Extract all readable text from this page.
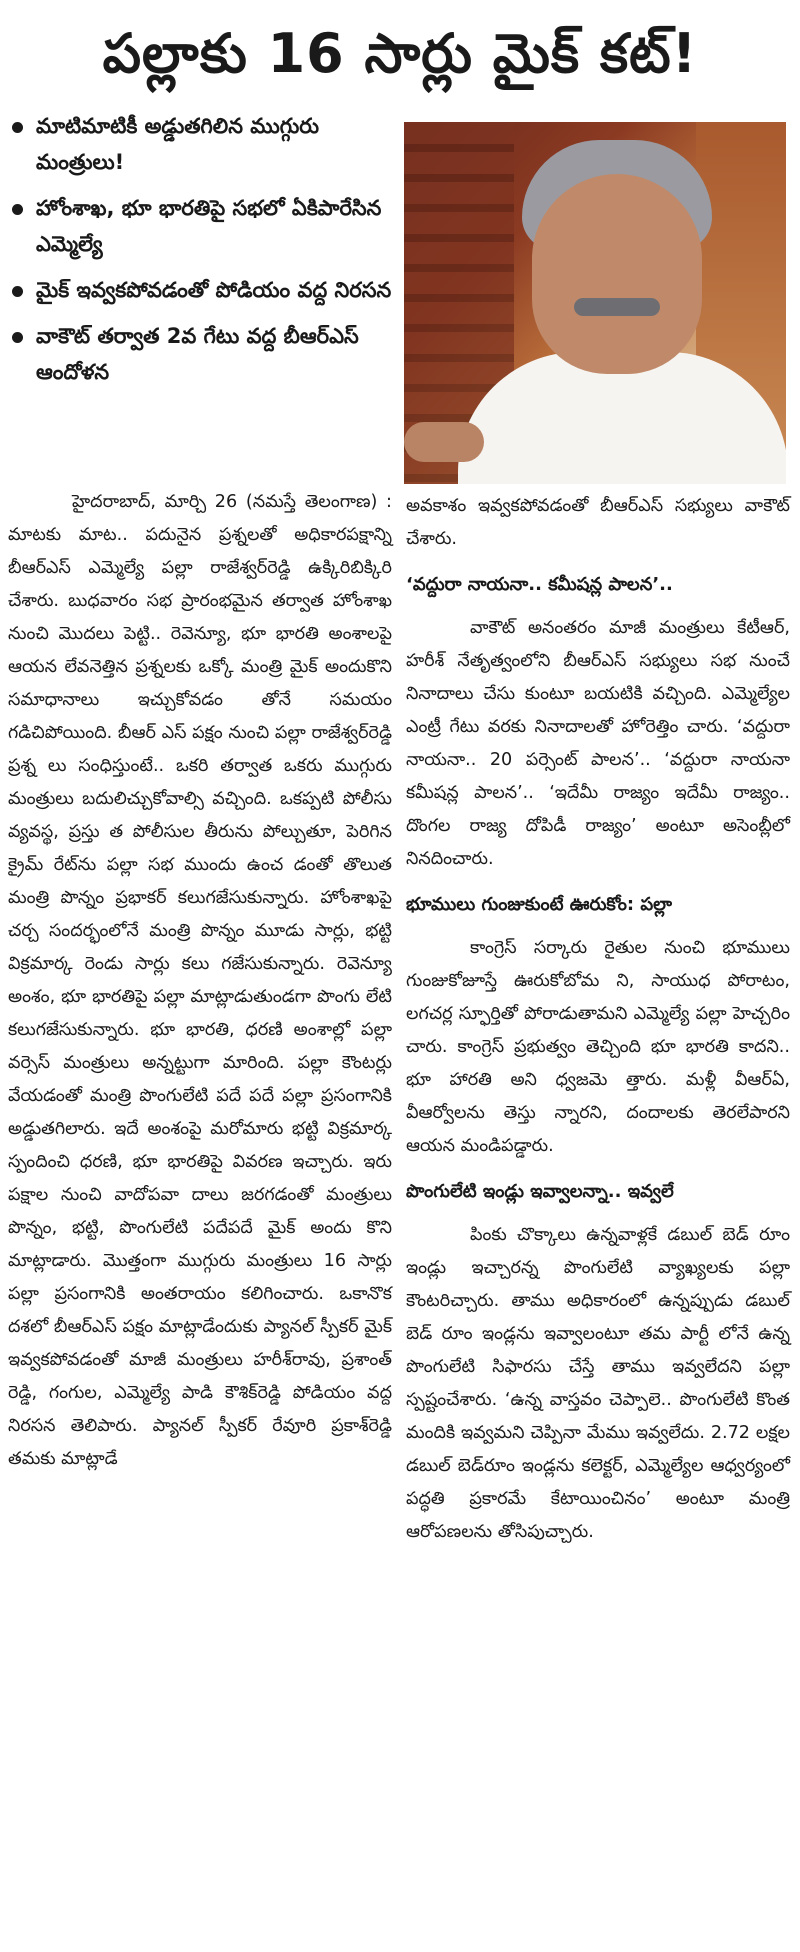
పల్లాకు 16 సార్లు మైక్ కట్!
మాటిమాటికీ అడ్డుతగిలిన ముగ్గురు మంత్రులు!
హోంశాఖ, భూ భారతిపై సభలో ఏకిపారేసిన ఎమ్మెల్యే
మైక్ ఇవ్వకపోవడంతో పోడియం వద్ద నిరసన
వాకౌట్ తర్వాత 2వ గేటు వద్ద బీఆర్ఎస్ ఆందోళన

హైదరాబాద్, మార్చి 26 (నమస్తే తెలంగాణ) : మాటకు మాట.. పదునైన ప్రశ్నలతో అధికారపక్షాన్ని బీఆర్ఎస్ ఎమ్మెల్యే పల్లా రాజేశ్వర్‌రెడ్డి ఉక్కిరిబిక్కిరి చేశారు. బుధవారం సభ ప్రారంభమైన తర్వాత హోంశాఖ నుంచి మొదలు పెట్టి.. రెవెన్యూ, భూ భారతి అంశాలపై ఆయన లేవనెత్తిన ప్రశ్నలకు ఒక్కో మంత్రి మైక్ అందుకొని సమాధానాలు ఇచ్చుకోవడం తోనే సమయం గడిచిపోయింది. బీఆర్ ఎస్ పక్షం నుంచి పల్లా రాజేశ్వర్‌రెడ్డి ప్రశ్న లు సంధిస్తుంటే.. ఒకరి తర్వాత ఒకరు ముగ్గురు మంత్రులు బదులిచ్చుకోవాల్సి వచ్చింది. ఒకప్పటి పోలీసు వ్యవస్థ, ప్రస్తు త పోలీసుల తీరును పోల్చుతూ, పెరిగిన క్రైమ్ రేట్‌ను పల్లా సభ ముందు ఉంచ డంతో తొలుత మంత్రి పొన్నం ప్రభాకర్ కలుగజేసుకున్నారు. హోంశాఖపై చర్చ సందర్భంలోనే మంత్రి పొన్నం మూడు సార్లు, భట్టి విక్రమార్క రెండు సార్లు కలు గజేసుకున్నారు. రెవెన్యూ అంశం, భూ భారతిపై పల్లా మాట్లాడుతుండగా పొంగు లేటి కలుగజేసుకున్నారు. భూ భారతి, ధరణి అంశాల్లో పల్లా వర్సెస్ మంత్రులు అన్నట్టుగా మారింది. పల్లా కౌంటర్లు వేయడంతో మంత్రి పొంగులేటి పదే పదే పల్లా ప్రసంగానికి అడ్డుతగిలారు. ఇదే అంశంపై మరోమారు భట్టి విక్రమార్క స్పందించి ధరణి, భూ భారతిపై వివరణ ఇచ్చారు. ఇరు పక్షాల నుంచి వాదోపవా దాలు జరగడంతో మంత్రులు పొన్నం, భట్టి, పొంగులేటి పదేపదే మైక్ అందు కొని మాట్లాడారు. మొత్తంగా ముగ్గురు మంత్రులు 16 సార్లు పల్లా ప్రసంగానికి అంతరాయం కలిగించారు. ఒకానొక దశలో బీఆర్ఎస్ పక్షం మాట్లాడేందుకు ప్యానల్ స్పీకర్ మైక్ ఇవ్వకపోవడంతో మాజీ మంత్రులు హరీశ్‌రావు, ప్రశాంత్ రెడ్డి, గంగుల, ఎమ్మెల్యే పాడి కౌశిక్‌రెడ్డి పోడియం వద్ద నిరసన తెలిపారు. ప్యానల్ స్పీకర్ రేవూరి ప్రకాశ్‌రెడ్డి తమకు మాట్లాడే

అవకాశం ఇవ్వకపోవడంతో బీఆర్ఎస్ సభ్యులు వాకౌట్ చేశారు.

‘వద్దురా నాయనా.. కమీషన్ల పాలన’..

వాకౌట్ అనంతరం మాజీ మంత్రులు కేటీఆర్, హరీశ్ నేతృత్వంలోని బీఆర్ఎస్ సభ్యులు సభ నుంచే నినాదాలు చేసు కుంటూ బయటికి వచ్చింది. ఎమ్మెల్యేల ఎంట్రీ గేటు వరకు నినాదాలతో హోరెత్తిం చారు. ‘వద్దురా నాయనా.. 20 పర్సెంట్ పాలన’.. ‘వద్దురా నాయనా కమీషన్ల పాలన’.. ‘ఇదేమీ రాజ్యం ఇదేమీ రాజ్యం.. దొంగల రాజ్య దోపిడీ రాజ్యం’ అంటూ అసెంబ్లీలో నినదించారు.

భూములు గుంజుకుంటే ఊరుకోం: పల్లా

కాంగ్రెస్ సర్కారు రైతుల నుంచి భూములు గుంజుకోజూస్తే ఊరుకోబోమ ని, సాయుధ పోరాటం, లగచర్ల స్ఫూర్తితో పోరాడుతామని ఎమ్మెల్యే పల్లా హెచ్చరిం చారు. కాంగ్రెస్ ప్రభుత్వం తెచ్చింది భూ భారతి కాదని.. భూ హారతి అని ధ్వజమె త్తారు. మళ్లీ వీఆర్ఏ, వీఆర్వోలను తెస్తు న్నారని, దందాలకు తెరలేపారని ఆయన మండిపడ్డారు.

పొంగులేటి ఇండ్లు ఇవ్వాలన్నా.. ఇవ్వలే

పింకు చొక్కాలు ఉన్నవాళ్లకే డబుల్ బెడ్ రూం ఇండ్లు ఇచ్చారన్న పొంగులేటి వ్యాఖ్యలకు పల్లా కౌంటరిచ్చారు. తాము అధికారంలో ఉన్నప్పుడు డబుల్ బెడ్ రూం ఇండ్లను ఇవ్వాలంటూ తమ పార్టీ లోనే ఉన్న పొంగులేటి సిఫారసు చేస్తే తాము ఇవ్వలేదని పల్లా స్పష్టంచేశారు. ‘ఉన్న వాస్తవం చెప్పాలె.. పొంగులేటి కొంత మందికి ఇవ్వమని చెప్పినా మేము ఇవ్వలేదు. 2.72 లక్షల డబుల్ బెడ్‌రూం ఇండ్లను కలెక్టర్, ఎమ్మెల్యేల ఆధ్వర్యంలో పద్ధతి ప్రకారమే కేటాయించినం’ అంటూ మంత్రి ఆరోపణలను తోసిపుచ్చారు.
